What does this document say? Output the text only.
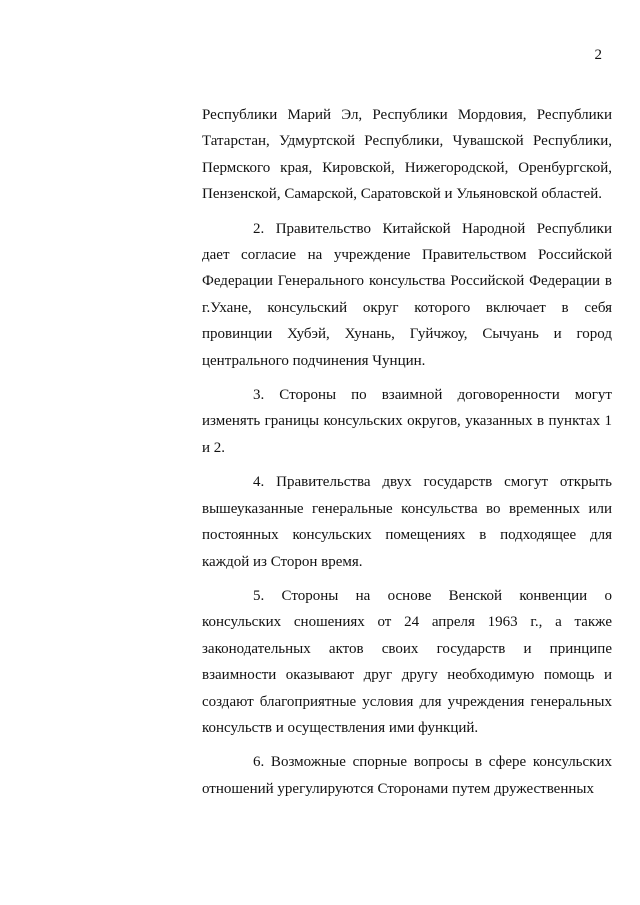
2

Республики Марий Эл, Республики Мордовия, Республики Татарстан, Удмуртской Республики, Чувашской Республики, Пермского края, Кировской, Нижегородской, Оренбургской, Пензенской, Самарской, Саратовской и Ульяновской областей.

2. Правительство Китайской Народной Республики дает согласие на учреждение Правительством Российской Федерации Генерального консульства Российской Федерации в г.Ухане, консульский округ которого включает в себя провинции Хубэй, Хунань, Гуйчжоу, Сычуань и город центрального подчинения Чунцин.

3. Стороны по взаимной договоренности могут изменять границы консульских округов, указанных в пунктах 1 и 2.

4. Правительства двух государств смогут открыть вышеуказанные генеральные консульства во временных или постоянных консульских помещениях в подходящее для каждой из Сторон время.

5. Стороны на основе Венской конвенции о консульских сношениях от 24 апреля 1963 г., а также законодательных актов своих государств и принципе взаимности оказывают друг другу необходимую помощь и создают благоприятные условия для учреждения генеральных консульств и осуществления ими функций.

6. Возможные спорные вопросы в сфере консульских отношений урегулируются Сторонами путем дружественных
